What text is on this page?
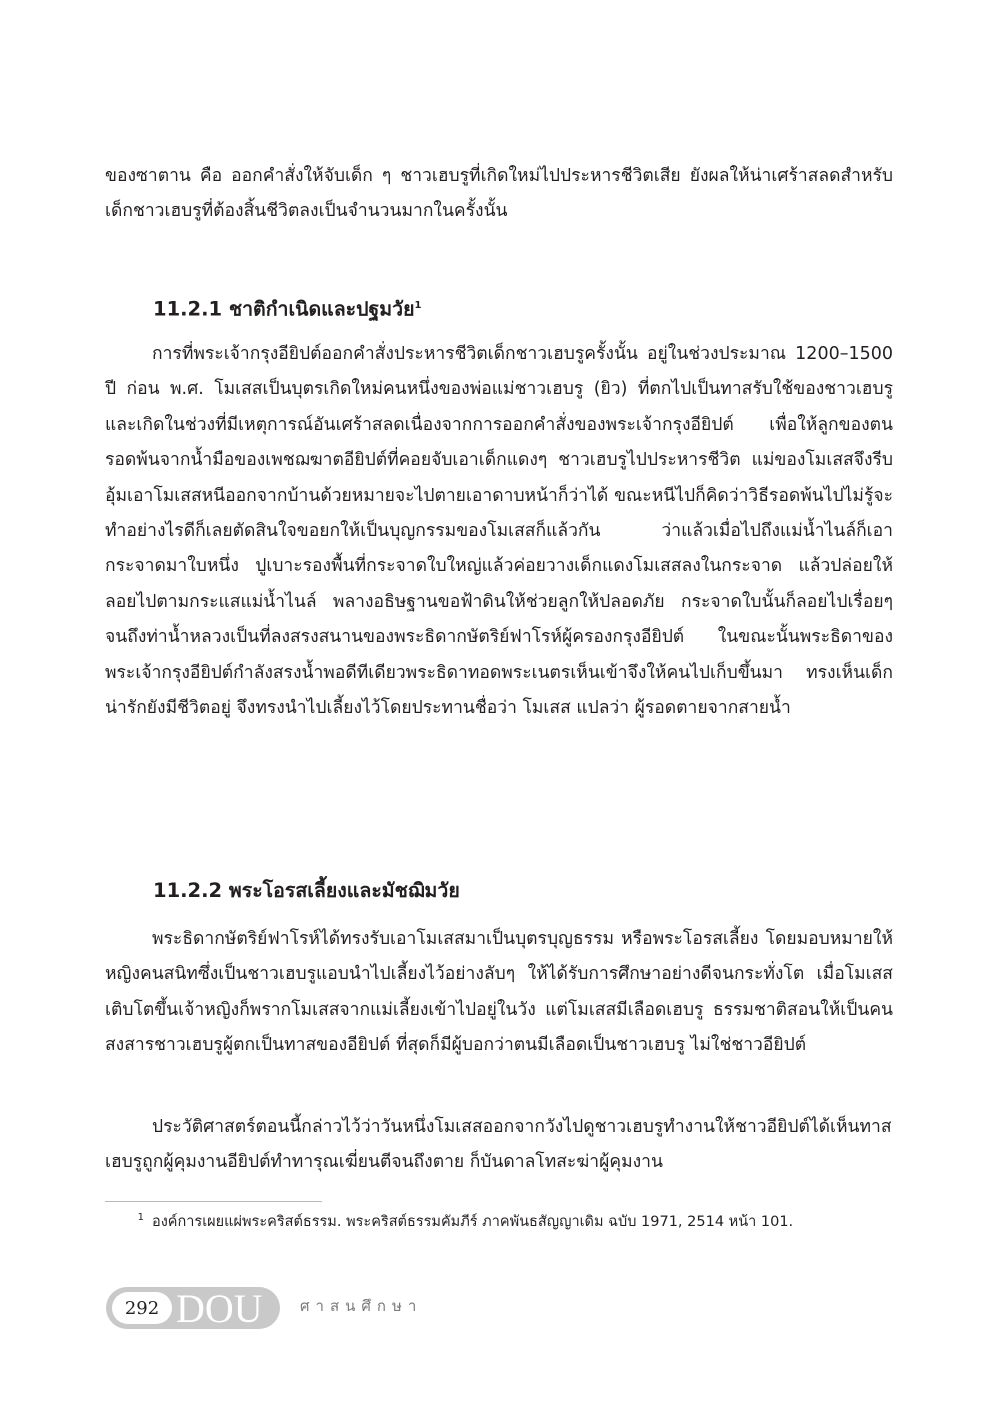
ของซาตาน คือ ออกคำสั่งให้จับเด็ก ๆ ชาวเฮบรูที่เกิดใหม่ไปประหารชีวิตเสีย ยังผลให้น่าเศร้าสลดสำหรับเด็กชาวเฮบรูที่ต้องสิ้นชีวิตลงเป็นจำนวนมากในครั้งนั้น

11.2.1 ชาติกำเนิดและปฐมวัย$^1$

การที่พระเจ้ากรุงอียิปต์ออกคำสั่งประหารชีวิตเด็กชาวเฮบรูครั้งนั้น อยู่ในช่วงประมาณ 1200–1500 ปี ก่อน พ.ศ. โมเสสเป็นบุตรเกิดใหม่คนหนึ่งของพ่อแม่ชาวเฮบรู (ยิว) ที่ตกไปเป็นทาสรับใช้ของชาวเฮบรูและเกิดในช่วงที่มีเหตุการณ์อันเศร้าสลดเนื่องจากการออกคำสั่งของพระเจ้ากรุงอียิปต์ เพื่อให้ลูกของตนรอดพ้นจากน้ำมือของเพชฌฆาตอียิปต์ที่คอยจับเอาเด็กแดงๆ ชาวเฮบรูไปประหารชีวิต แม่ของโมเสสจึงรีบอุ้มเอาโมเสสหนีออกจากบ้านด้วยหมายจะไปตายเอาดาบหน้าก็ว่าได้ ขณะหนีไปก็คิดว่าวิธีรอดพ้นไปไม่รู้จะทำอย่างไรดีก็เลยตัดสินใจขอยกให้เป็นบุญกรรมของโมเสสก็แล้วกัน ว่าแล้วเมื่อไปถึงแม่น้ำไนล์ก็เอากระจาดมาใบหนึ่ง ปูเบาะรองพื้นที่กระจาดใบใหญ่แล้วค่อยวางเด็กแดงโมเสสลงในกระจาด แล้วปล่อยให้ลอยไปตามกระแสแม่น้ำไนล์ พลางอธิษฐานขอฟ้าดินให้ช่วยลูกให้ปลอดภัย กระจาดใบนั้นก็ลอยไปเรื่อยๆ จนถึงท่าน้ำหลวงเป็นที่ลงสรงสนานของพระธิดากษัตริย์ฟาโรห์ผู้ครองกรุงอียิปต์ ในขณะนั้นพระธิดาของพระเจ้ากรุงอียิปต์กำลังสรงน้ำพอดีทีเดียวพระธิดาทอดพระเนตรเห็นเข้าจึงให้คนไปเก็บขึ้นมา ทรงเห็นเด็กน่ารักยังมีชีวิตอยู่ จึงทรงนำไปเลี้ยงไว้โดยประทานชื่อว่า โมเสส แปลว่า ผู้รอดตายจากสายน้ำ

11.2.2 พระโอรสเลี้ยงและมัชฌิมวัย

พระธิดากษัตริย์ฟาโรห์ได้ทรงรับเอาโมเสสมาเป็นบุตรบุญธรรม หรือพระโอรสเลี้ยง โดยมอบหมายให้หญิงคนสนิทซึ่งเป็นชาวเฮบรูแอบนำไปเลี้ยงไว้อย่างลับๆ ให้ได้รับการศึกษาอย่างดีจนกระทั่งโต เมื่อโมเสสเติบโตขึ้นเจ้าหญิงก็พรากโมเสสจากแม่เลี้ยงเข้าไปอยู่ในวัง แต่โมเสสมีเลือดเฮบรู ธรรมชาติสอนให้เป็นคนสงสารชาวเฮบรูผู้ตกเป็นทาสของอียิปต์ ที่สุดก็มีผู้บอกว่าตนมีเลือดเป็นชาวเฮบรู ไม่ใช่ชาวอียิปต์

ประวัติศาสตร์ตอนนี้กล่าวไว้ว่าวันหนึ่งโมเสสออกจากวังไปดูชาวเฮบรูทำงานให้ชาวอียิปต์ได้เห็นทาสเฮบรูถูกผู้คุมงานอียิปต์ทำทารุณเฆี่ยนตีจนถึงตาย ก็บันดาลโทสะฆ่าผู้คุมงาน

1 องค์การเผยแผ่พระคริสต์ธรรม. พระคริสต์ธรรมคัมภีร์ ภาคพันธสัญญาเดิม ฉบับ 1971, 2514 หน้า 101.

292 DOU ศาสนศึกษา
